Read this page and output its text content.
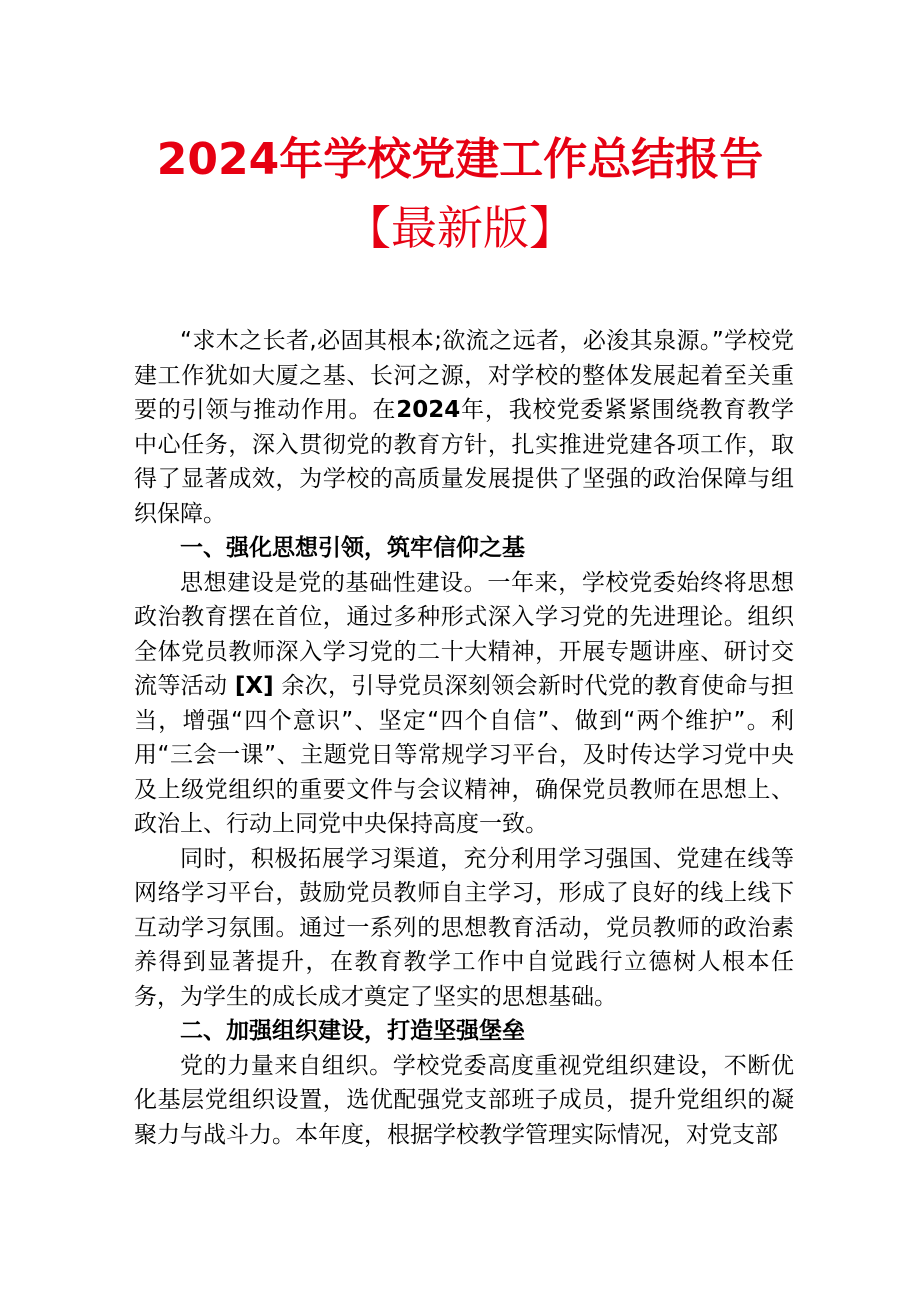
2024年学校党建工作总结报告
【最新版】

“求木之长者,必固其根本;欲流之远者，必浚其泉源。”学校党建工作犹如大厦之基、长河之源，对学校的整体发展起着至关重要的引领与推动作用。在2024年，我校党委紧紧围绕教育教学中心任务，深入贯彻党的教育方针，扎实推进党建各项工作，取得了显著成效，为学校的高质量发展提供了坚强的政治保障与组织保障。

一、强化思想引领，筑牢信仰之基

思想建设是党的基础性建设。一年来，学校党委始终将思想政治教育摆在首位，通过多种形式深入学习党的先进理论。组织全体党员教师深入学习党的二十大精神，开展专题讲座、研讨交流等活动 [X] 余次，引导党员深刻领会新时代党的教育使命与担当，增强“四个意识”、坚定“四个自信”、做到“两个维护”。利用“三会一课”、主题党日等常规学习平台，及时传达学习党中央及上级党组织的重要文件与会议精神，确保党员教师在思想上、政治上、行动上同党中央保持高度一致。

同时，积极拓展学习渠道，充分利用学习强国、党建在线等网络学习平台，鼓励党员教师自主学习，形成了良好的线上线下互动学习氛围。通过一系列的思想教育活动，党员教师的政治素养得到显著提升，在教育教学工作中自觉践行立德树人根本任务，为学生的成长成才奠定了坚实的思想基础。

二、加强组织建设，打造坚强堡垒

党的力量来自组织。学校党委高度重视党组织建设，不断优化基层党组织设置，选优配强党支部班子成员，提升党组织的凝聚力与战斗力。本年度，根据学校教学管理实际情况，对党支部
